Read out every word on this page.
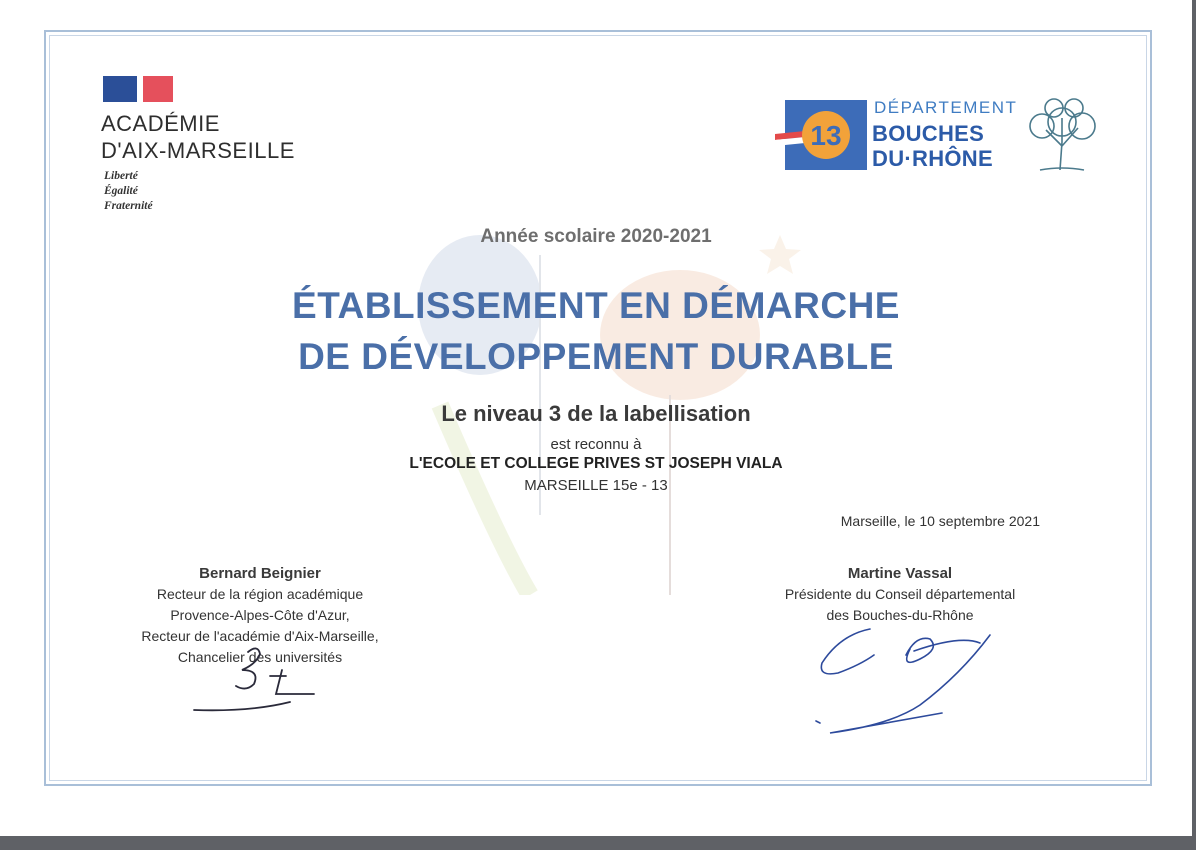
ACADÉMIE
D'AIX-MARSEILLE
Liberté
Égalité
Fraternité
13
DÉPARTEMENT
BOUCHES
DU·RHÔNE
Année scolaire 2020-2021
ÉTABLISSEMENT EN DÉMARCHE
DE DÉVELOPPEMENT DURABLE
Le niveau 3 de la labellisation
est reconnu à
L'ECOLE ET COLLEGE PRIVES ST JOSEPH VIALA
MARSEILLE 15e - 13
Marseille, le 10 septembre 2021
Bernard Beignier
Recteur de la région académique
Provence-Alpes-Côte d'Azur,
Recteur de l'académie d'Aix-Marseille,
Chancelier des universités
Martine Vassal
Présidente du Conseil départemental
des Bouches-du-Rhône
